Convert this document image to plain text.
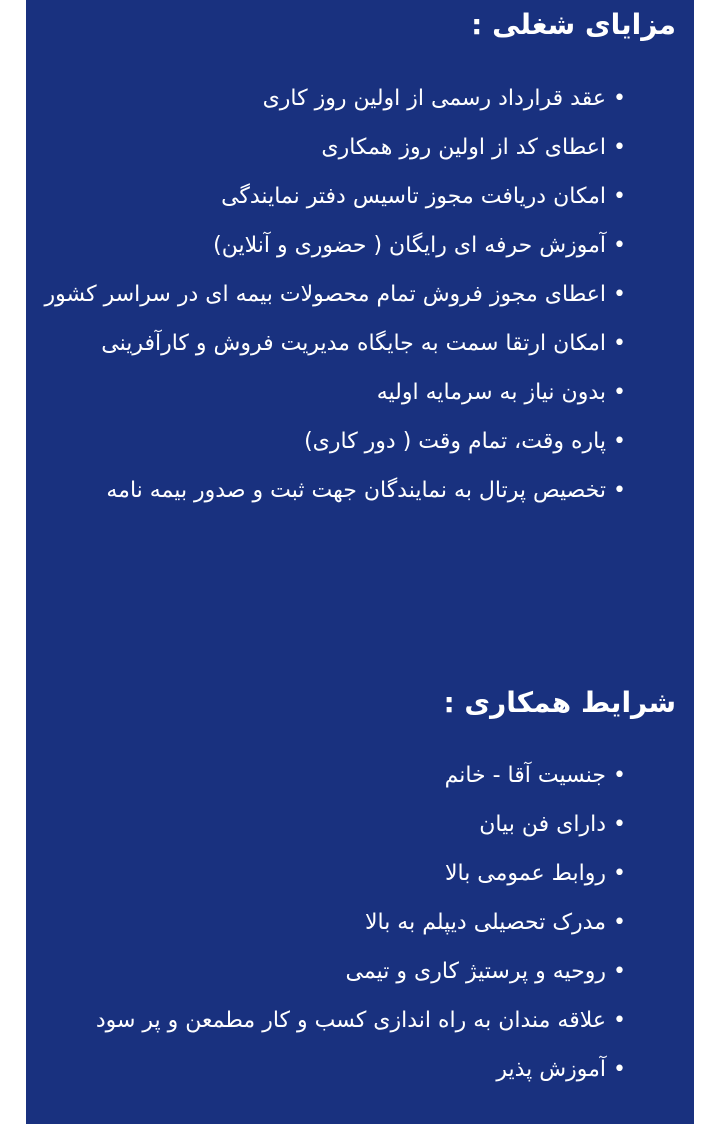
مزایای شغلی :
•
عقد قرارداد رسمی از اولین روز کاری
•
اعطای کد از اولین روز همکاری
•
امکان دریافت مجوز تاسیس دفتر نمایندگی
•
آموزش حرفه ای رایگان ( حضوری و آنلاین)
•
اعطای مجوز فروش تمام محصولات بیمه ای در سراسر کشور
•
امکان ارتقا سمت به جایگاه مدیریت فروش و کارآفرینی
•
بدون نیاز به سرمایه اولیه
•
پاره وقت، تمام وقت ( دور کاری)
•
تخصیص پرتال به نمایندگان جهت ثبت و صدور بیمه نامه
شرایط همکاری :
•
جنسیت آقا - خانم
•
دارای فن بیان
•
روابط عمومی بالا
•
مدرک تحصیلی دیپلم به بالا
•
روحیه و پرستیژ کاری و تیمی
•
علاقه مندان به راه اندازی کسب و کار مطمعن و پر سود
•
آموزش پذیر
